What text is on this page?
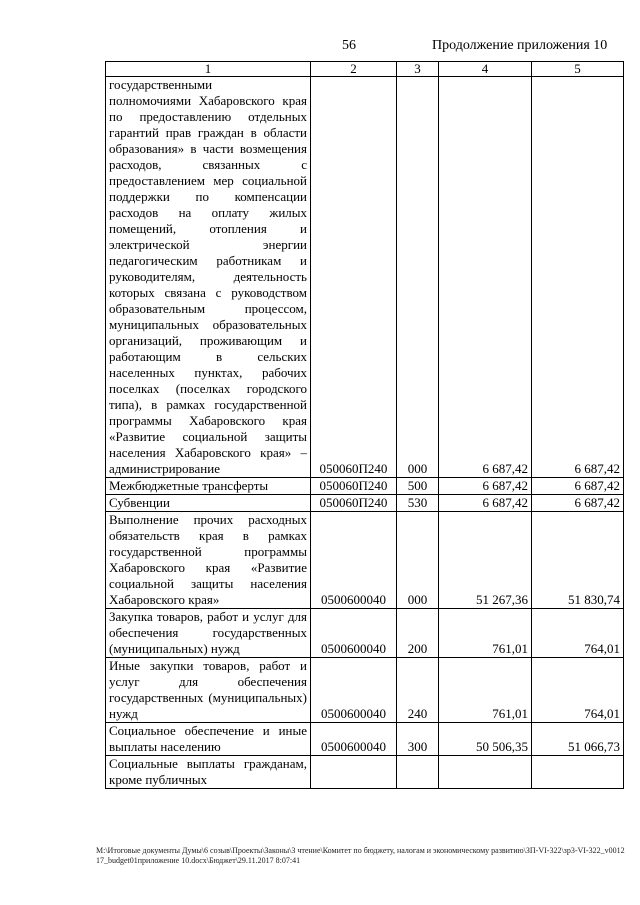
56	Продолжение приложения 10
1	2	3	4	5
государственными
полномочиями Хабаровского края по предоставлению отдельных гарантий прав граждан в области образования» в части возмещения расходов, связанных с предоставлением мер социальной поддержки по компенсации расходов на оплату жилых помещений, отопления и электрической энергии педагогическим работникам и руководителям, деятельность которых связана с руководством образовательным процессом, муниципальных образовательных организаций, проживающим и работающим в сельских населенных пунктах, рабочих поселках (поселках городского типа), в рамках государственной программы Хабаровского края «Развитие социальной защиты населения Хабаровского края» – администрирование	050060П240	000	6 687,42	6 687,42
Межбюджетные трансферты	050060П240	500	6 687,42	6 687,42
Субвенции	050060П240	530	6 687,42	6 687,42
Выполнение прочих расходных обязательств края в рамках государственной программы Хабаровского края «Развитие социальной защиты населения Хабаровского края»	0500600040	000	51 267,36	51 830,74
Закупка товаров, работ и услуг для обеспечения государственных (муниципальных) нужд	0500600040	200	761,01	764,01
Иные закупки товаров, работ и услуг для обеспечения государственных (муниципальных) нужд	0500600040	240	761,01	764,01
Социальное обеспечение и иные выплаты населению	0500600040	300	50 506,35	51 066,73
Социальные выплаты гражданам, кроме публичных				
M:\Итоговые документы Думы\6 созыв\Проекты\Законы\3 чтение\Комитет по бюджету, налогам и экономическому развитию\ЗП-VI-322\зр3-VI-322_v001217_budget01приложение 10.docx\Бюджет\29.11.2017 8:07:41
